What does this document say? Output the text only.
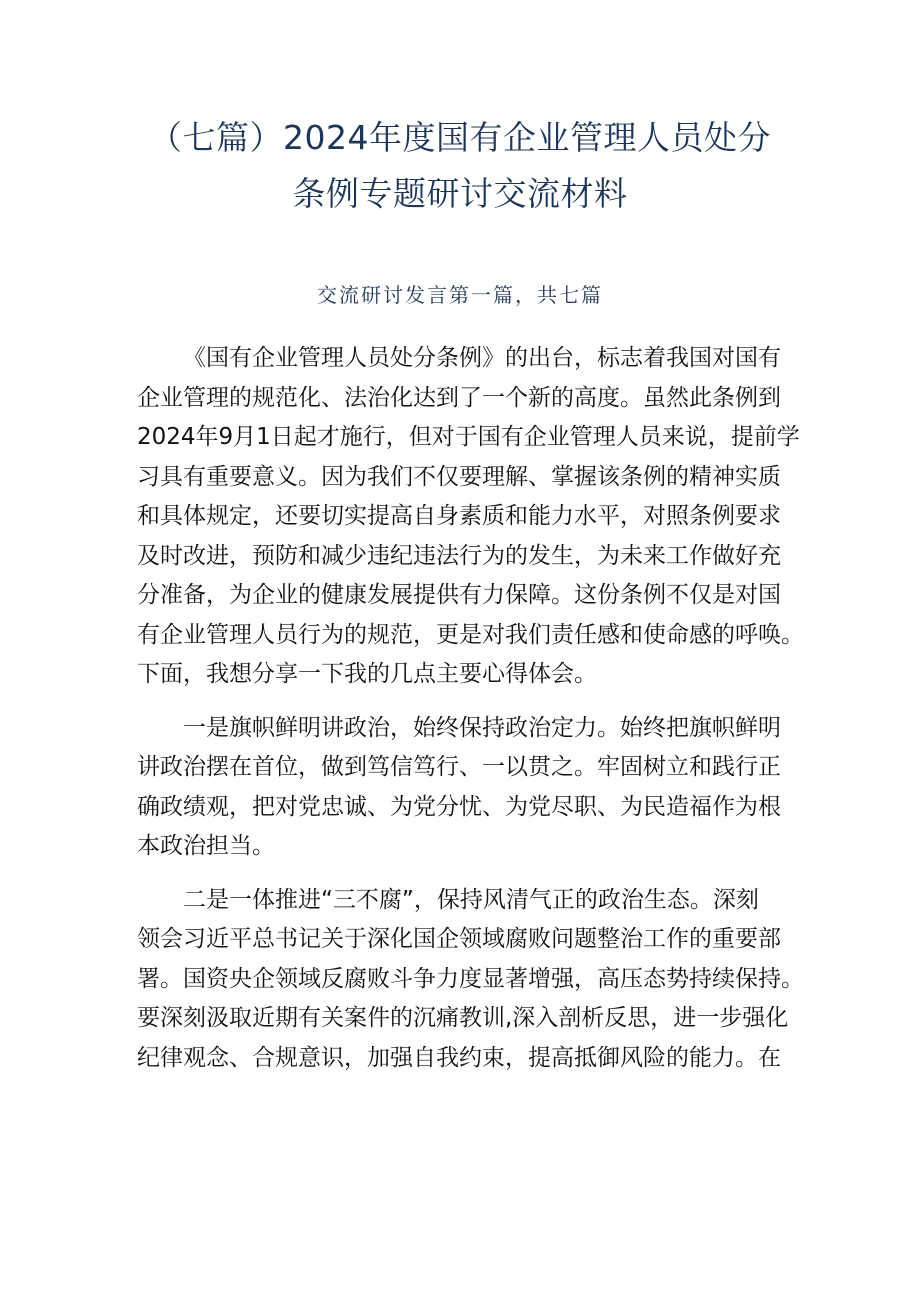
（七篇）2024年度国有企业管理人员处分
条例专题研讨交流材料

交流研讨发言第一篇，共七篇

《国有企业管理人员处分条例》的出台，标志着我国对国有
企业管理的规范化、法治化达到了一个新的高度。虽然此条例到
2024年9月1日起才施行，但对于国有企业管理人员来说，提前学
习具有重要意义。因为我们不仅要理解、掌握该条例的精神实质
和具体规定，还要切实提高自身素质和能力水平，对照条例要求
及时改进，预防和减少违纪违法行为的发生，为未来工作做好充
分准备，为企业的健康发展提供有力保障。这份条例不仅是对国
有企业管理人员行为的规范，更是对我们责任感和使命感的呼唤。
下面，我想分享一下我的几点主要心得体会。

一是旗帜鲜明讲政治，始终保持政治定力。始终把旗帜鲜明
讲政治摆在首位，做到笃信笃行、一以贯之。牢固树立和践行正
确政绩观，把对党忠诚、为党分忧、为党尽职、为民造福作为根
本政治担当。

二是一体推进“三不腐”，保持风清气正的政治生态。深刻
领会习近平总书记关于深化国企领域腐败问题整治工作的重要部
署。国资央企领域反腐败斗争力度显著增强，高压态势持续保持。
要深刻汲取近期有关案件的沉痛教训,深入剖析反思，进一步强化
纪律观念、合规意识，加强自我约束，提高抵御风险的能力。在
